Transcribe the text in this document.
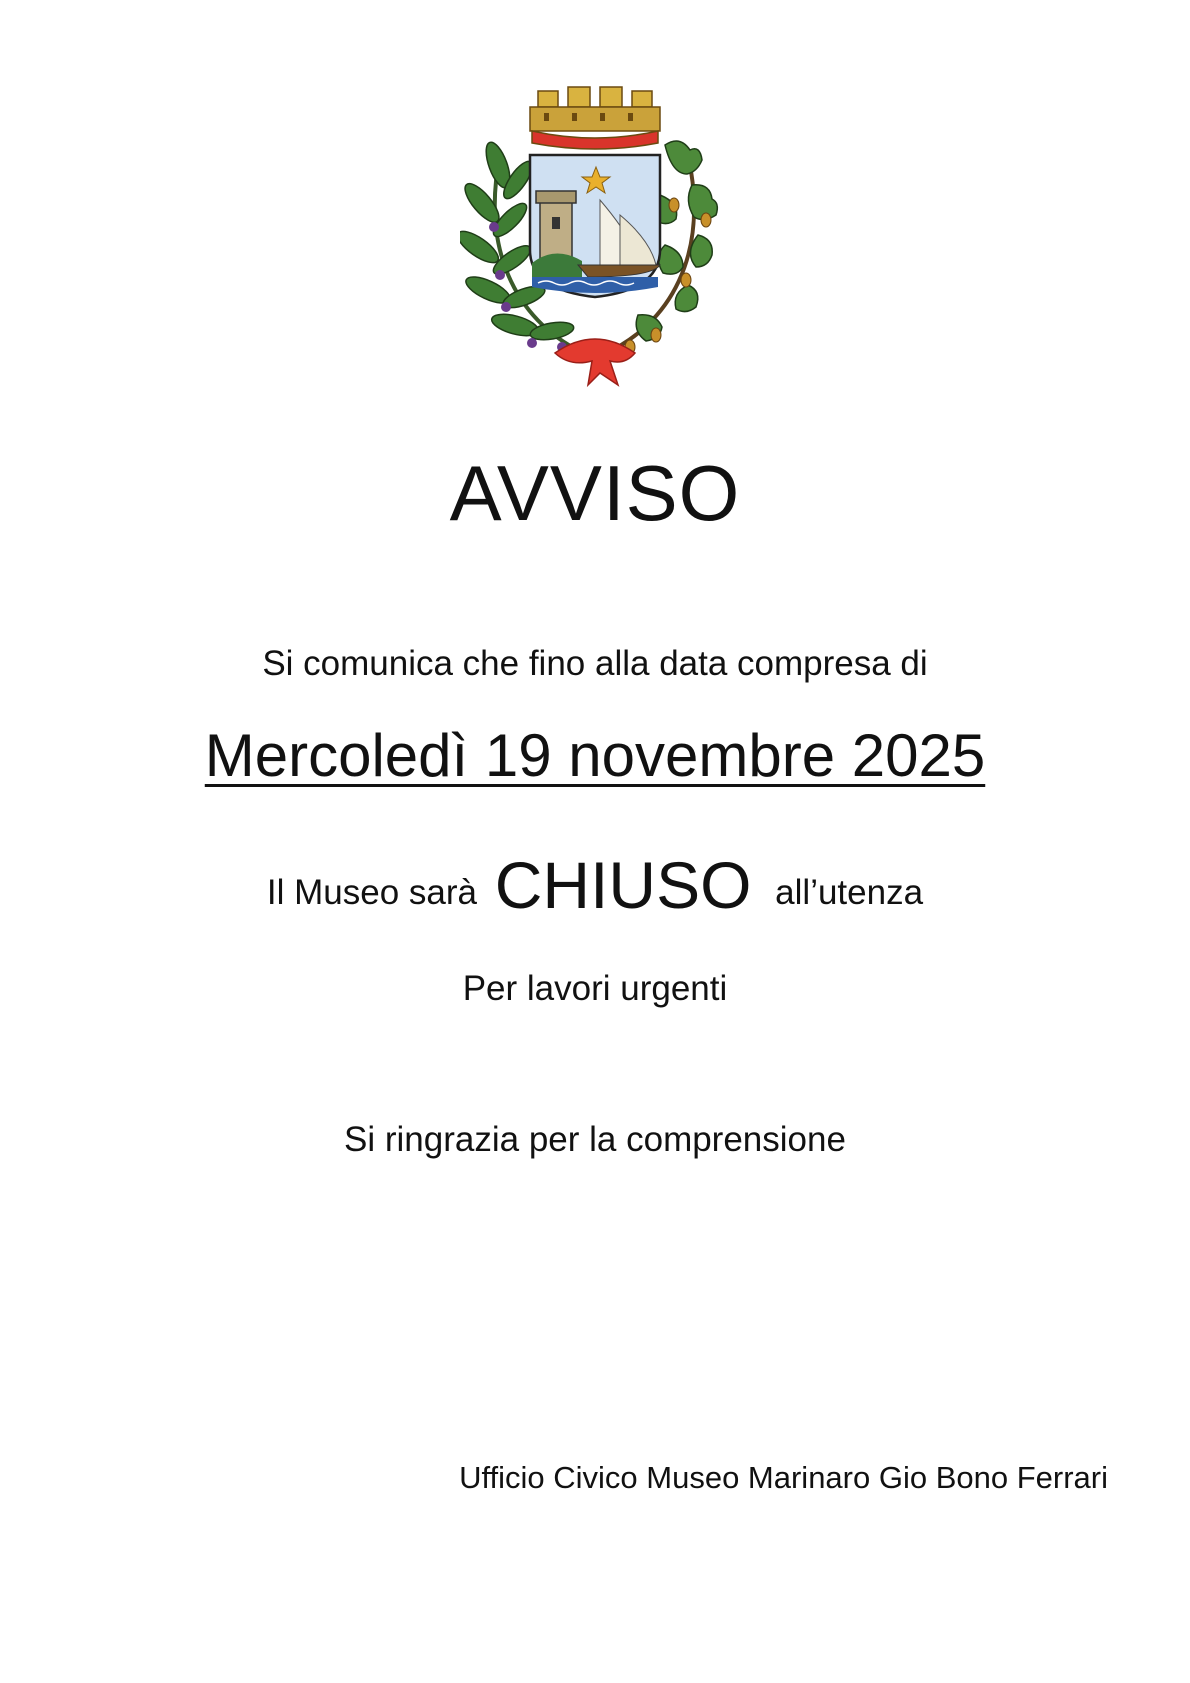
AVVISO
Si comunica che fino alla data compresa di
Mercoledì 19 novembre 2025
Il Museo sarà CHIUSO all’utenza
Per lavori urgenti
Si ringrazia per la comprensione
Ufficio Civico Museo Marinaro Gio Bono Ferrari
